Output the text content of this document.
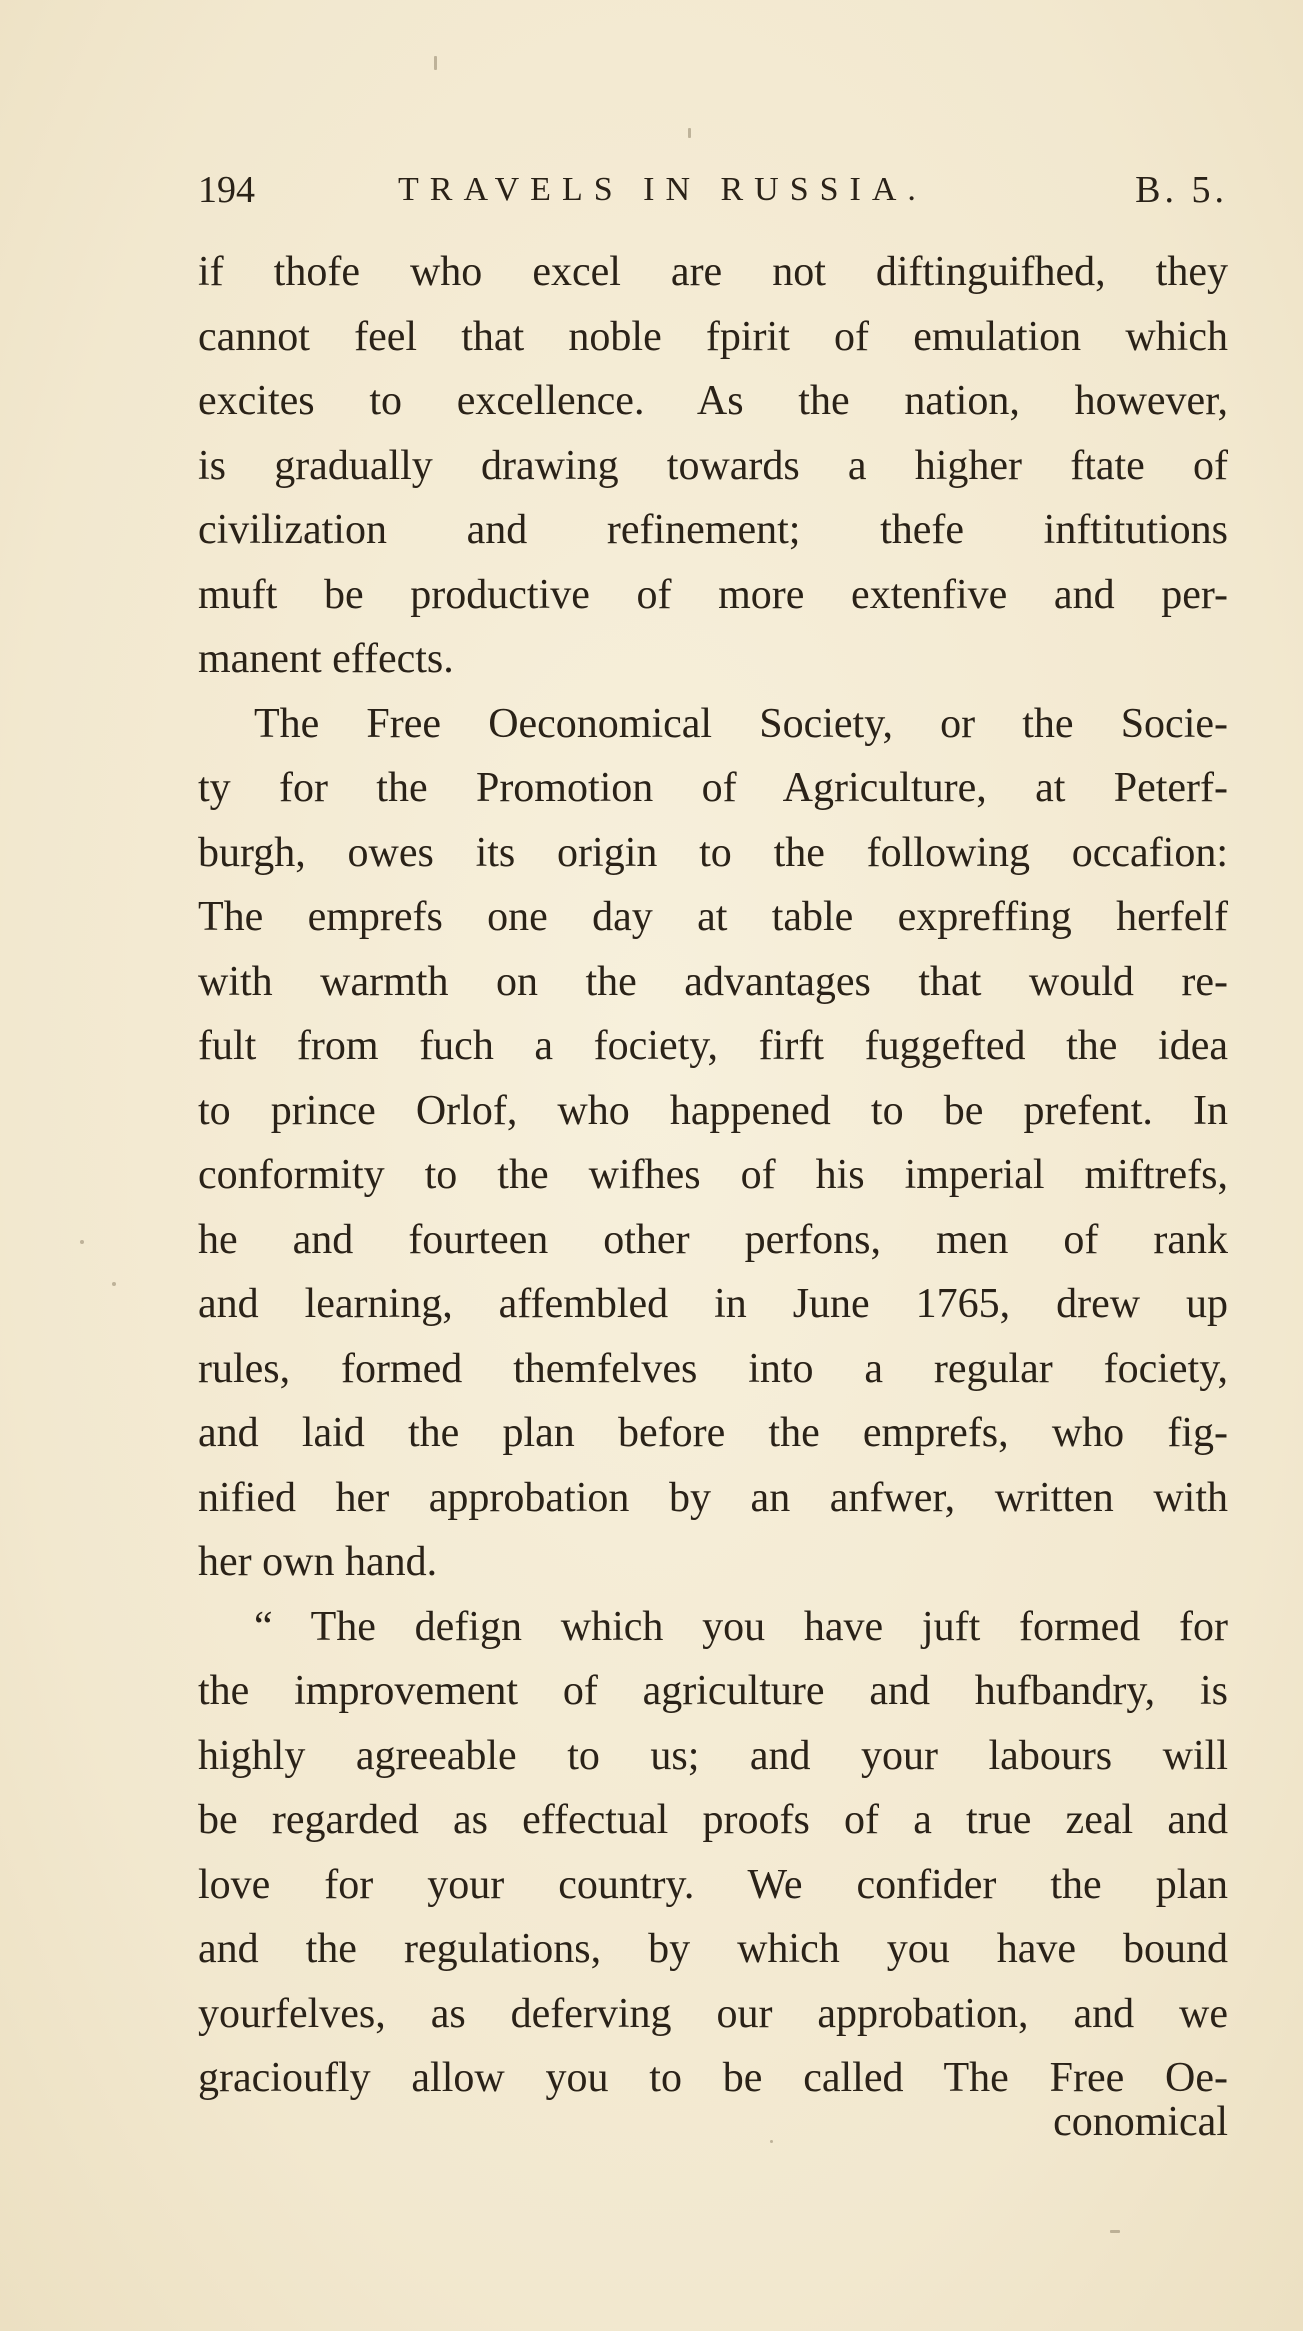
194	TRAVELS IN RUSSIA.	B. 5.
if thofe who excel are not diftinguifhed, they
cannot feel that noble fpirit of emulation which
excites to excellence. As the nation, however,
is gradually drawing towards a higher ftate of
civilization and refinement; thefe inftitutions
muft be productive of more extenfive and per-
manent effects.
The Free Oeconomical Society, or the Socie-
ty for the Promotion of Agriculture, at Peterf-
burgh, owes its origin to the following occafion:
The emprefs one day at table expreffing herfelf
with warmth on the advantages that would re-
fult from fuch a fociety, firft fuggefted the idea
to prince Orlof, who happened to be prefent. In
conformity to the wifhes of his imperial miftrefs,
he and fourteen other perfons, men of rank
and learning, affembled in June 1765, drew up
rules, formed themfelves into a regular fociety,
and laid the plan before the emprefs, who fig-
nified her approbation by an anfwer, written with
her own hand.
“ The defign which you have juft formed for
the improvement of agriculture and hufbandry, is
highly agreeable to us; and your labours will
be regarded as effectual proofs of a true zeal and
love for your country. We confider the plan
and the regulations, by which you have bound
yourfelves, as deferving our approbation, and we
gracioufly allow you to be called The Free Oe-
conomical
